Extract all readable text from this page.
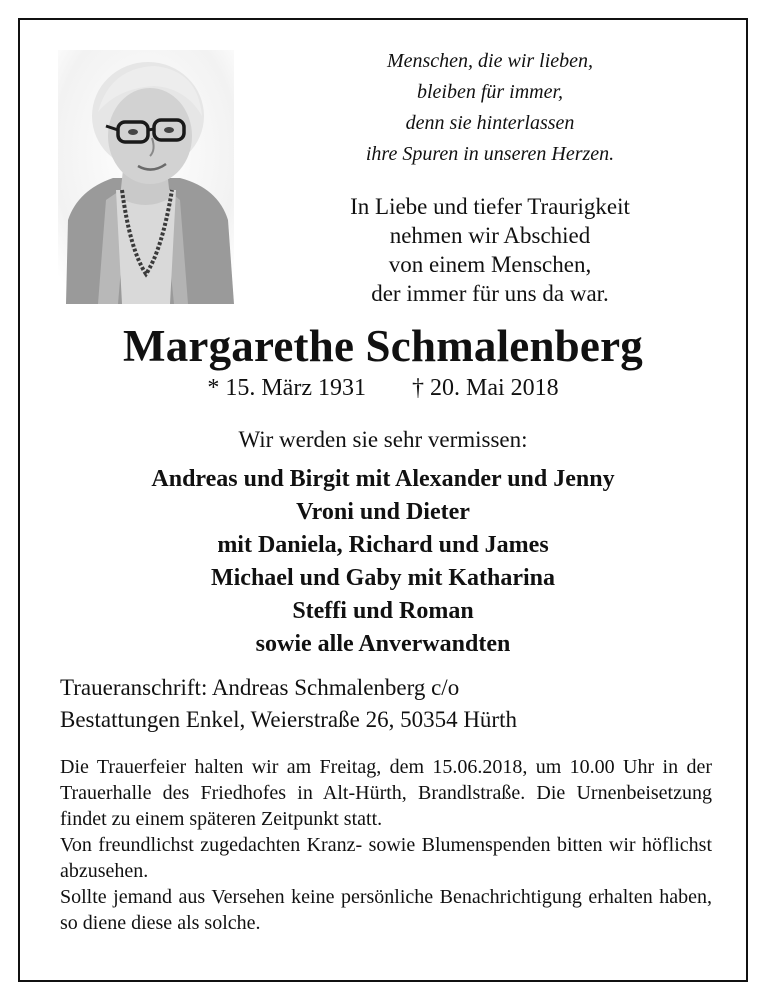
Menschen, die wir lieben,
bleiben für immer,
denn sie hinterlassen
ihre Spuren in unseren Herzen.
In Liebe und tiefer Traurigkeit
nehmen wir Abschied
von einem Menschen,
der immer für uns da war.
Margarethe Schmalenberg
* 15. März 1931 † 20. Mai 2018
Wir werden sie sehr vermissen:
Andreas und Birgit mit Alexander und Jenny
Vroni und Dieter
mit Daniela, Richard und James
Michael und Gaby mit Katharina
Steffi und Roman
sowie alle Anverwandten
Traueranschrift: Andreas Schmalenberg c/o
Bestattungen Enkel, Weierstraße 26, 50354 Hürth

Die Trauerfeier halten wir am Freitag, dem 15.06.2018, um 10.00 Uhr in der Trauerhalle des Friedhofes in Alt-Hürth, Brandlstraße. Die Urnenbeisetzung findet zu einem späteren Zeitpunkt statt.

Von freundlichst zugedachten Kranz- sowie Blumenspenden bitten wir höflichst abzusehen.

Sollte jemand aus Versehen keine persönliche Benachrichtigung erhalten haben, so diene diese als solche.
